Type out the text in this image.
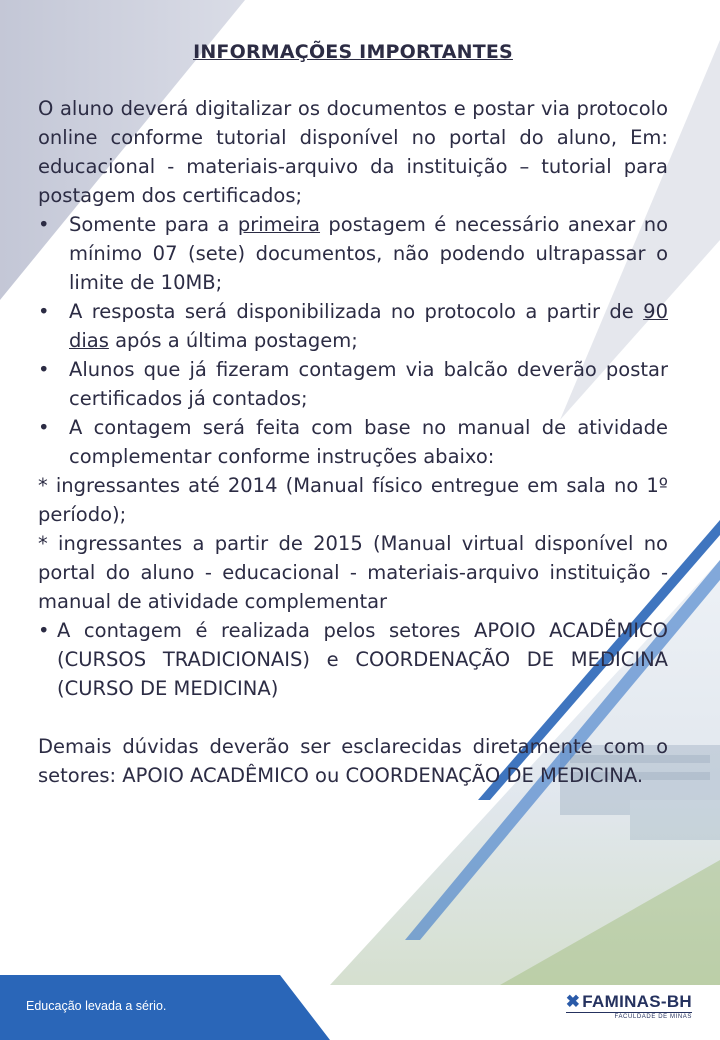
INFORMAÇÕES IMPORTANTES

O aluno deverá digitalizar os documentos e postar via protocolo online conforme tutorial disponível no portal do aluno, Em: educacional - materiais-arquivo da instituição – tutorial para postagem dos certificados;

• Somente para a primeira postagem é necessário anexar no mínimo 07 (sete) documentos, não podendo ultrapassar o limite de 10MB;
• A resposta será disponibilizada no protocolo a partir de 90 dias após a última postagem;
• Alunos que já fizeram contagem via balcão deverão postar certificados já contados;
• A contagem será feita com base no manual de atividade complementar conforme instruções abaixo:

* ingressantes até 2014 (Manual físico entregue em sala no 1º período);

* ingressantes a partir de 2015 (Manual virtual disponível no portal do aluno - educacional - materiais-arquivo instituição - manual de atividade complementar

• A contagem é realizada pelos setores APOIO ACADÊMICO (CURSOS TRADICIONAIS) e COORDENAÇÃO DE MEDICINA (CURSO DE MEDICINA)

Demais dúvidas deverão ser esclarecidas diretamente com o setores: APOIO ACADÊMICO ou COORDENAÇÃO DE MEDICINA.

Educação levada a sério.	✖ FAMINAS-BH
FACULDADE DE MINAS
